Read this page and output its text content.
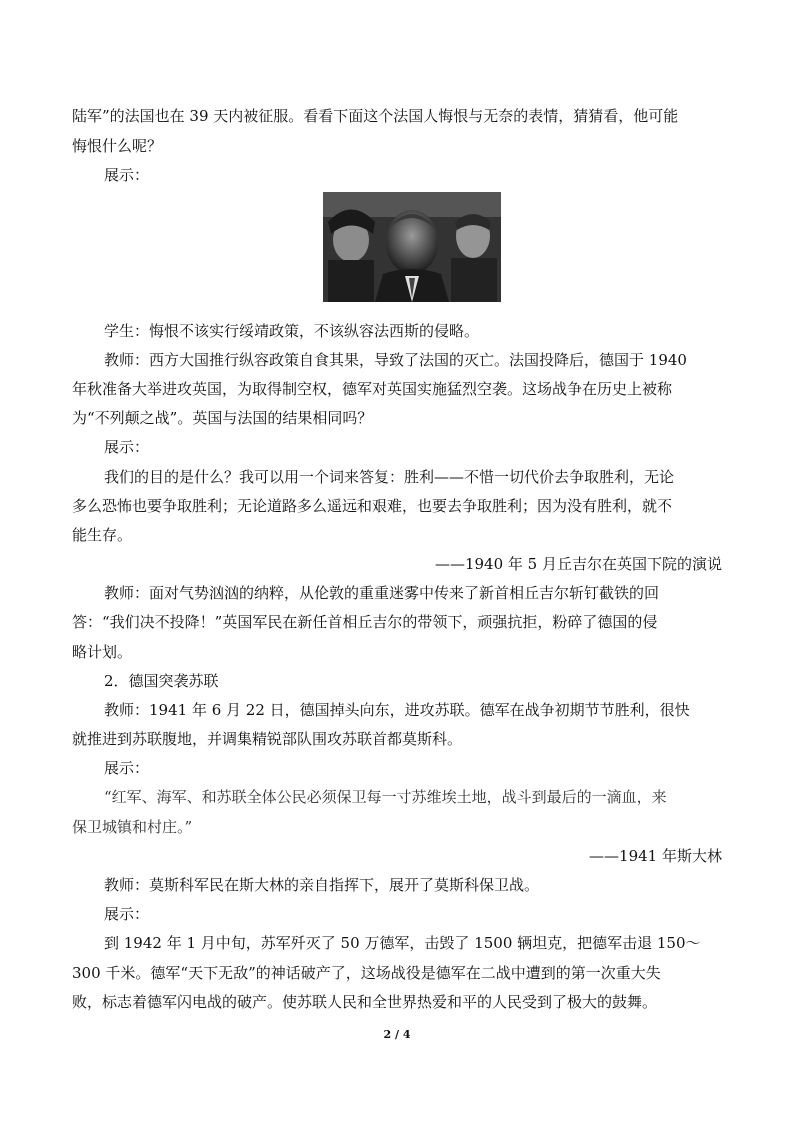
陆军”的法国也在 39 天内被征服。看看下面这个法国人悔恨与无奈的表情，猜猜看，他可能
悔恨什么呢？
展示：
学生：悔恨不该实行绥靖政策，不该纵容法西斯的侵略。
教师：西方大国推行纵容政策自食其果，导致了法国的灭亡。法国投降后，德国于 1940
年秋准备大举进攻英国，为取得制空权，德军对英国实施猛烈空袭。这场战争在历史上被称
为“不列颠之战”。英国与法国的结果相同吗？
展示：
我们的目的是什么？我可以用一个词来答复：胜利——不惜一切代价去争取胜利，无论
多么恐怖也要争取胜利；无论道路多么遥远和艰难，也要去争取胜利；因为没有胜利，就不
能生存。
——1940 年 5 月丘吉尔在英国下院的演说
教师：面对气势汹汹的纳粹，从伦敦的重重迷雾中传来了新首相丘吉尔斩钉截铁的回
答：“我们决不投降！”英国军民在新任首相丘吉尔的带领下，顽强抗拒，粉碎了德国的侵
略计划。
2．德国突袭苏联
教师：1941 年 6 月 22 日，德国掉头向东，进攻苏联。德军在战争初期节节胜利，很快
就推进到苏联腹地，并调集精锐部队围攻苏联首都莫斯科。
展示：
“红军、海军、和苏联全体公民必须保卫每一寸苏维埃土地，战斗到最后的一滴血，来
保卫城镇和村庄。”
——1941 年斯大林
教师：莫斯科军民在斯大林的亲自指挥下，展开了莫斯科保卫战。
展示：
到 1942 年 1 月中旬，苏军歼灭了 50 万德军，击毁了 1500 辆坦克，把德军击退 150～
300 千米。德军“天下无敌”的神话破产了，这场战役是德军在二战中遭到的第一次重大失
败，标志着德军闪电战的破产。使苏联人民和全世界热爱和平的人民受到了极大的鼓舞。
2 / 4
